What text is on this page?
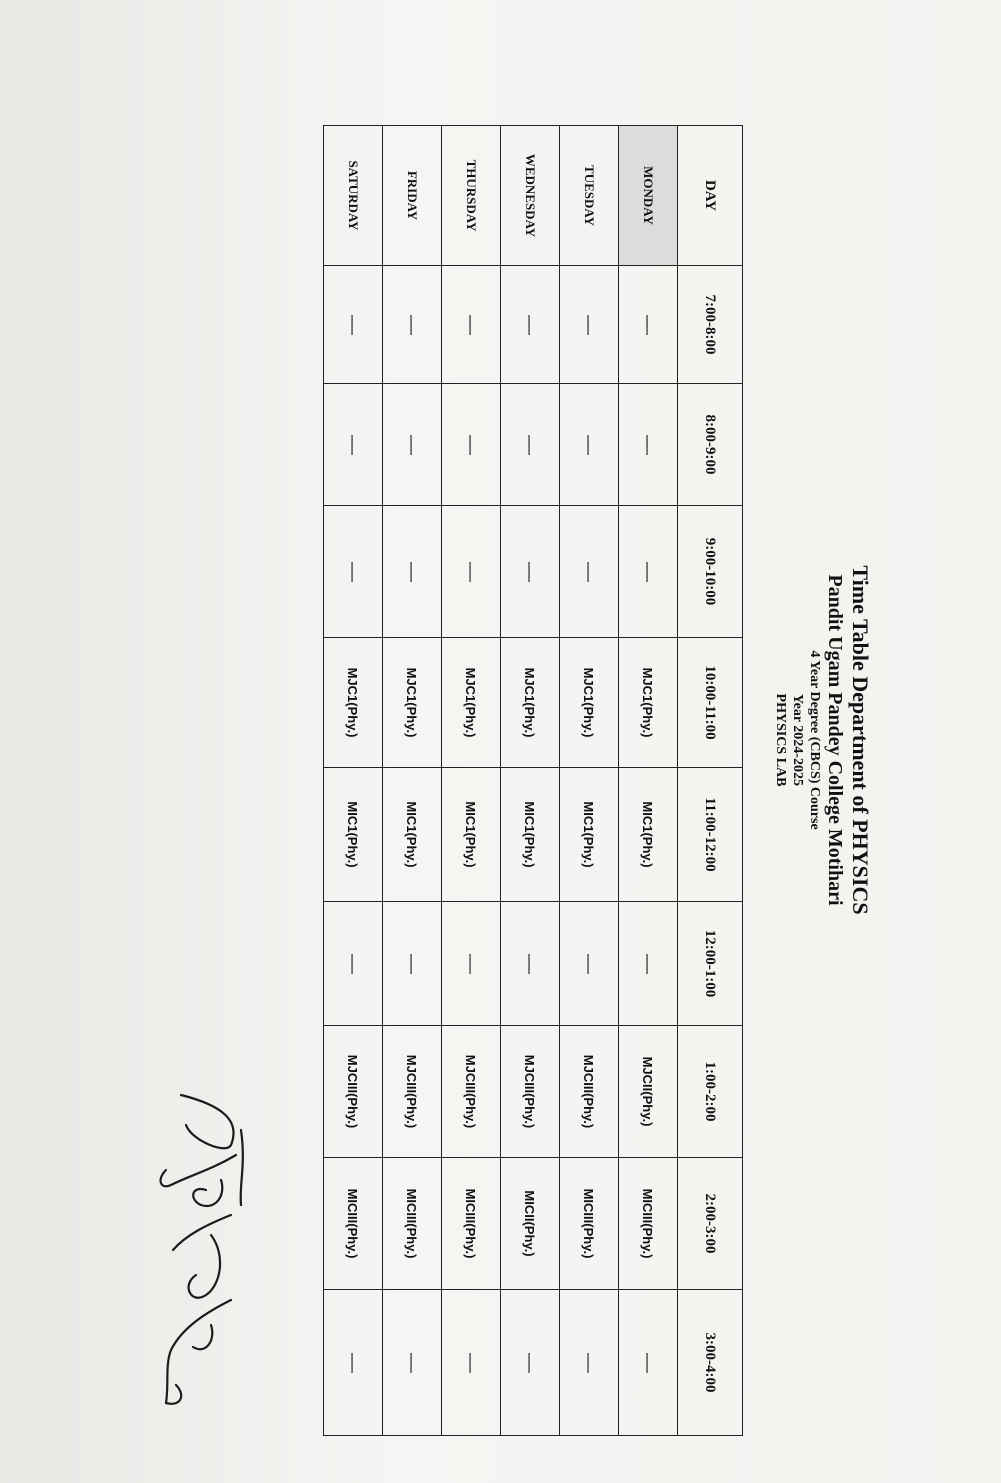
Time Table Department of PHYSICS
Pandit Ugam Pandey College Motihari
4 Year Degree (CBCS) Course
Year 2024-2025
PHYSICS LAB
DAY	7:00-8:00	8:00-9:00	9:00-10:00	10:00-11:00	11:00-12:00	12:00-1:00	1:00-2:00	2:00-3:00	3:00-4:00
MONDAY	------	------	------	MJC1(Phy.)	MIC1(Phy.)	------	MJCII(Phy.)	MICIII(Phy.)	------
TUESDAY	------	------	------	MJC1(Phy.)	MIC1(Phy.)	------	MJCIII(Phy.)	MICIII(Phy.)	------
WEDNESDAY	------	------	------	MJC1(Phy.)	MIC1(Phy.)	------	MJCIII(Phy.)	MICII(Phy.)	------
THURSDAY	------	------	------	MJC1(Phy.)	MIC1(Phy.)	------	MJCIII(Phy.)	MICIII(Phy.)	------
FRIDAY	------	------	------	MJC1(Phy.)	MIC1(Phy.)	------	MJCIII(Phy.)	MICIII(Phy.)	------
SATURDAY	------	------	------	MJC1(Phy.)	MIC1(Phy.)	------	MJCIII(Phy.)	MICIII(Phy.)	------
